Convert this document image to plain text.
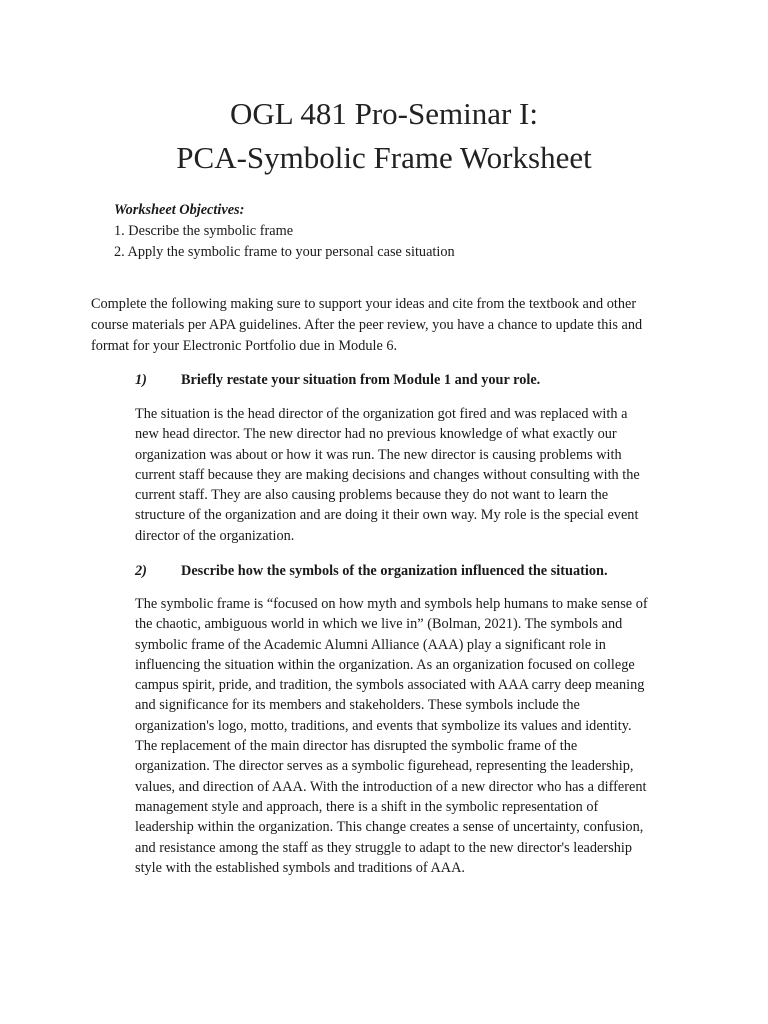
OGL 481 Pro-Seminar I:
PCA-Symbolic Frame Worksheet
Worksheet Objectives:
1. Describe the symbolic frame
2. Apply the symbolic frame to your personal case situation
Complete the following making sure to support your ideas and cite from the textbook and other
course materials per APA guidelines. After the peer review, you have a chance to update this and
format for your Electronic Portfolio due in Module 6.
1) Briefly restate your situation from Module 1 and your role.
The situation is the head director of the organization got fired and was replaced with a
new head director. The new director had no previous knowledge of what exactly our
organization was about or how it was run. The new director is causing problems with
current staff because they are making decisions and changes without consulting with the
current staff. They are also causing problems because they do not want to learn the
structure of the organization and are doing it their own way. My role is the special event
director of the organization.
2) Describe how the symbols of the organization influenced the situation.
The symbolic frame is “focused on how myth and symbols help humans to make sense of
the chaotic, ambiguous world in which we live in” (Bolman, 2021). The symbols and
symbolic frame of the Academic Alumni Alliance (AAA) play a significant role in
influencing the situation within the organization. As an organization focused on college
campus spirit, pride, and tradition, the symbols associated with AAA carry deep meaning
and significance for its members and stakeholders. These symbols include the
organization's logo, motto, traditions, and events that symbolize its values and identity.
The replacement of the main director has disrupted the symbolic frame of the
organization. The director serves as a symbolic figurehead, representing the leadership,
values, and direction of AAA. With the introduction of a new director who has a different
management style and approach, there is a shift in the symbolic representation of
leadership within the organization. This change creates a sense of uncertainty, confusion,
and resistance among the staff as they struggle to adapt to the new director's leadership
style with the established symbols and traditions of AAA.
